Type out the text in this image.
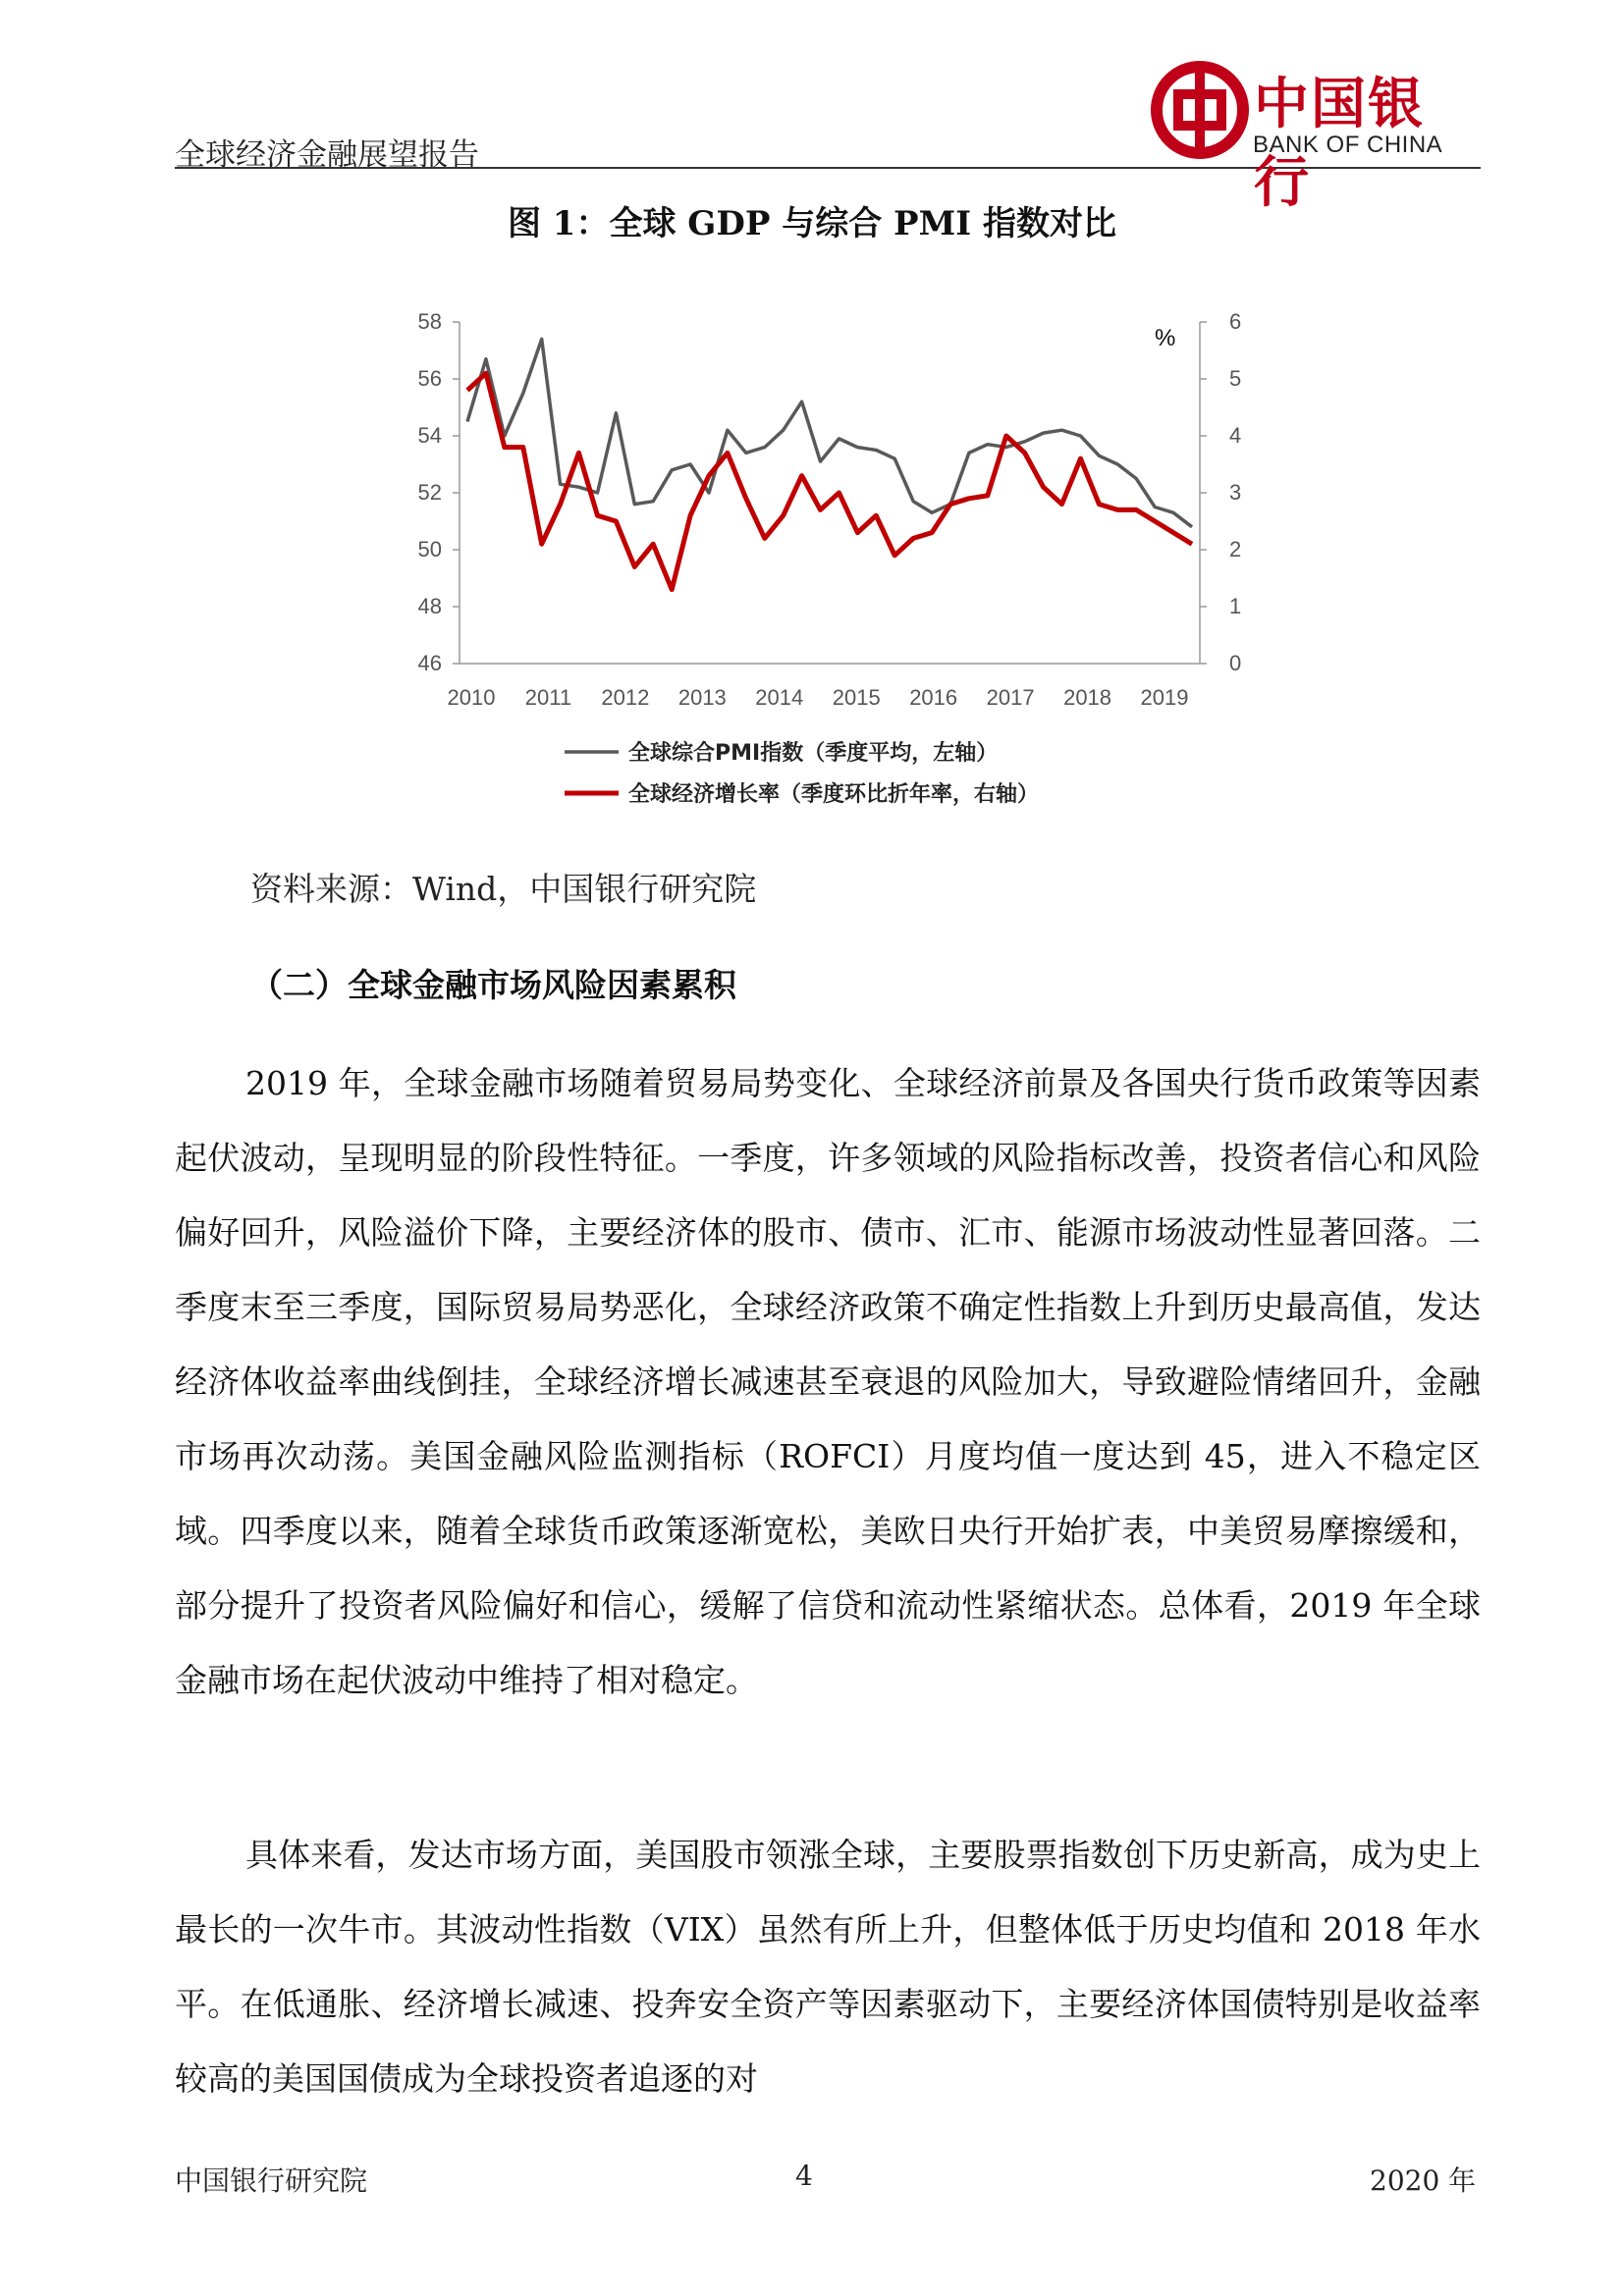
全球经济金融展望报告
中国银行
BANK OF CHINA
图 1：全球 GDP 与综合 PMI 指数对比
46
48
50
52
54
56
58
0
1
2
3
4
5
6
%
2010 2011 2012 2013 2014 2015 2016 2017 2018 2019
全球综合PMI指数（季度平均，左轴）
全球经济增长率（季度环比折年率，右轴）
资料来源：Wind，中国银行研究院
（二）全球金融市场风险因素累积
2019 年，全球金融市场随着贸易局势变化、全球经济前景及各国央行货币政策等因素起伏波动，呈现明显的阶段性特征。一季度，许多领域的风险指标改善，投资者信心和风险偏好回升，风险溢价下降，主要经济体的股市、债市、汇市、能源市场波动性显著回落。二季度末至三季度，国际贸易局势恶化，全球经济政策不确定性指数上升到历史最高值，发达经济体收益率曲线倒挂，全球经济增长减速甚至衰退的风险加大，导致避险情绪回升，金融市场再次动荡。美国金融风险监测指标（ROFCI）月度均值一度达到 45，进入不稳定区域。四季度以来，随着全球货币政策逐渐宽松，美欧日央行开始扩表，中美贸易摩擦缓和，部分提升了投资者风险偏好和信心，缓解了信贷和流动性紧缩状态。总体看，2019 年全球金融市场在起伏波动中维持了相对稳定。
具体来看，发达市场方面，美国股市领涨全球，主要股票指数创下历史新高，成为史上最长的一次牛市。其波动性指数（VIX）虽然有所上升，但整体低于历史均值和 2018 年水平。在低通胀、经济增长减速、投奔安全资产等因素驱动下，主要经济体国债特别是收益率较高的美国国债成为全球投资者追逐的对
中国银行研究院	4	2020 年
